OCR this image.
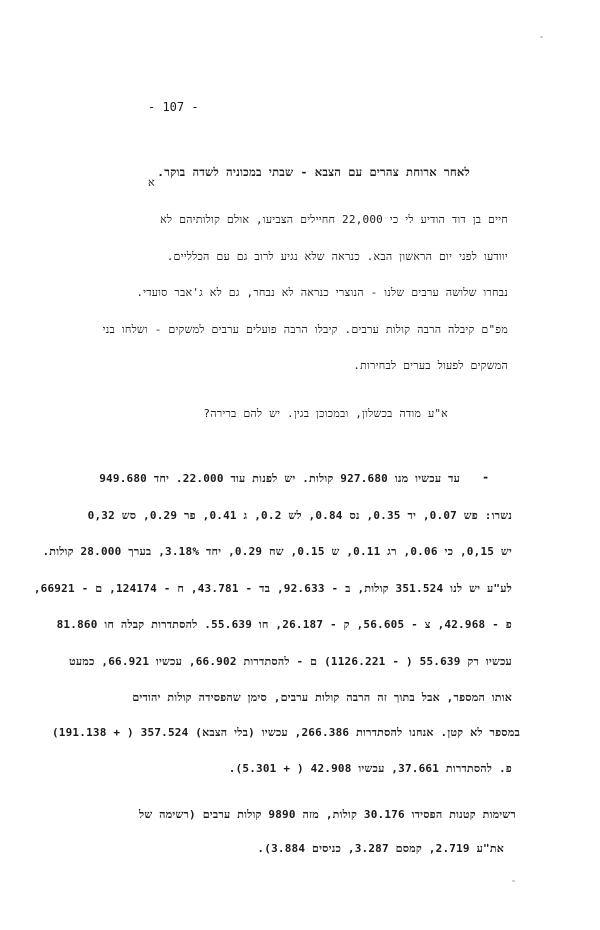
- 107 -
לאחר ארוחת צהרים עם הצבא - שבתי במכוניה לשדה בוקר.
א
חיים בן דוד הודיע לי כי 22,000 חחיילים הצביעו, אולם קולותיהם לא
יוודעו לפני יום הראשון הבא. כנראה שלא נגיע לרוב גם עם הכלליים.
נבחרו שלושה ערבים שלנו - הנוצרי כנראה לא נבחר, גם לא ג'אבר סועדי.
מפ"ם קיבלה הרבה קולות ערבים. קיבלו הרבה פועלים ערבים למשקים - ושלחו בני
המשקים לפעול בערים לבחירות.
א"ע מודה בכשלון, ובמכוכן בגין. יש להם ברירה?
-
עד עכשיו מנו 927.680 קולות. יש לפנות עוד 22.000. יחד 949.680
נשרו: פש 0.07, יד 0.35, נס 0.84, לש 0.2, ג 0.41, פר 0.29, סש 0,32
יש 0,15, כי 0.06, רג 0.11, ש 0.15, שח 0.29, יחד 3.18%, בערך 28.000 קולות.
לע"ע יש לנו 351.524 קולות, ב - 92.633, בד - 43.781, ח - 124174, ם - 66921,
פ - 42.968, צ - 56.605, ק - 26.187, חו 55.639. להסתדרות קבלה חו 81.860
עכשיו רק 55.639 ( - 1126.221) ם - להסתדרות 66.902, עכשיו 66.921, כמעט
אותו המספר, אבל בתוך זה הרבה קולות ערבים, סימן שהפסידה קולות יהודים
במספר לא קטן. אנחנו להסתדרות 266.386, עכשיו (בלי הצבא) 357.524 ( + 191.138)
פ. להסתדרות 37.661, עכשיו 42.908 ( + 5.301).
רשימות קטנות הפסידו 30.176 קולות, מזה 9890 קולות ערבים (רשימה של
את"ע 2.719, קמסם 3.287, כניסים 3.884).
